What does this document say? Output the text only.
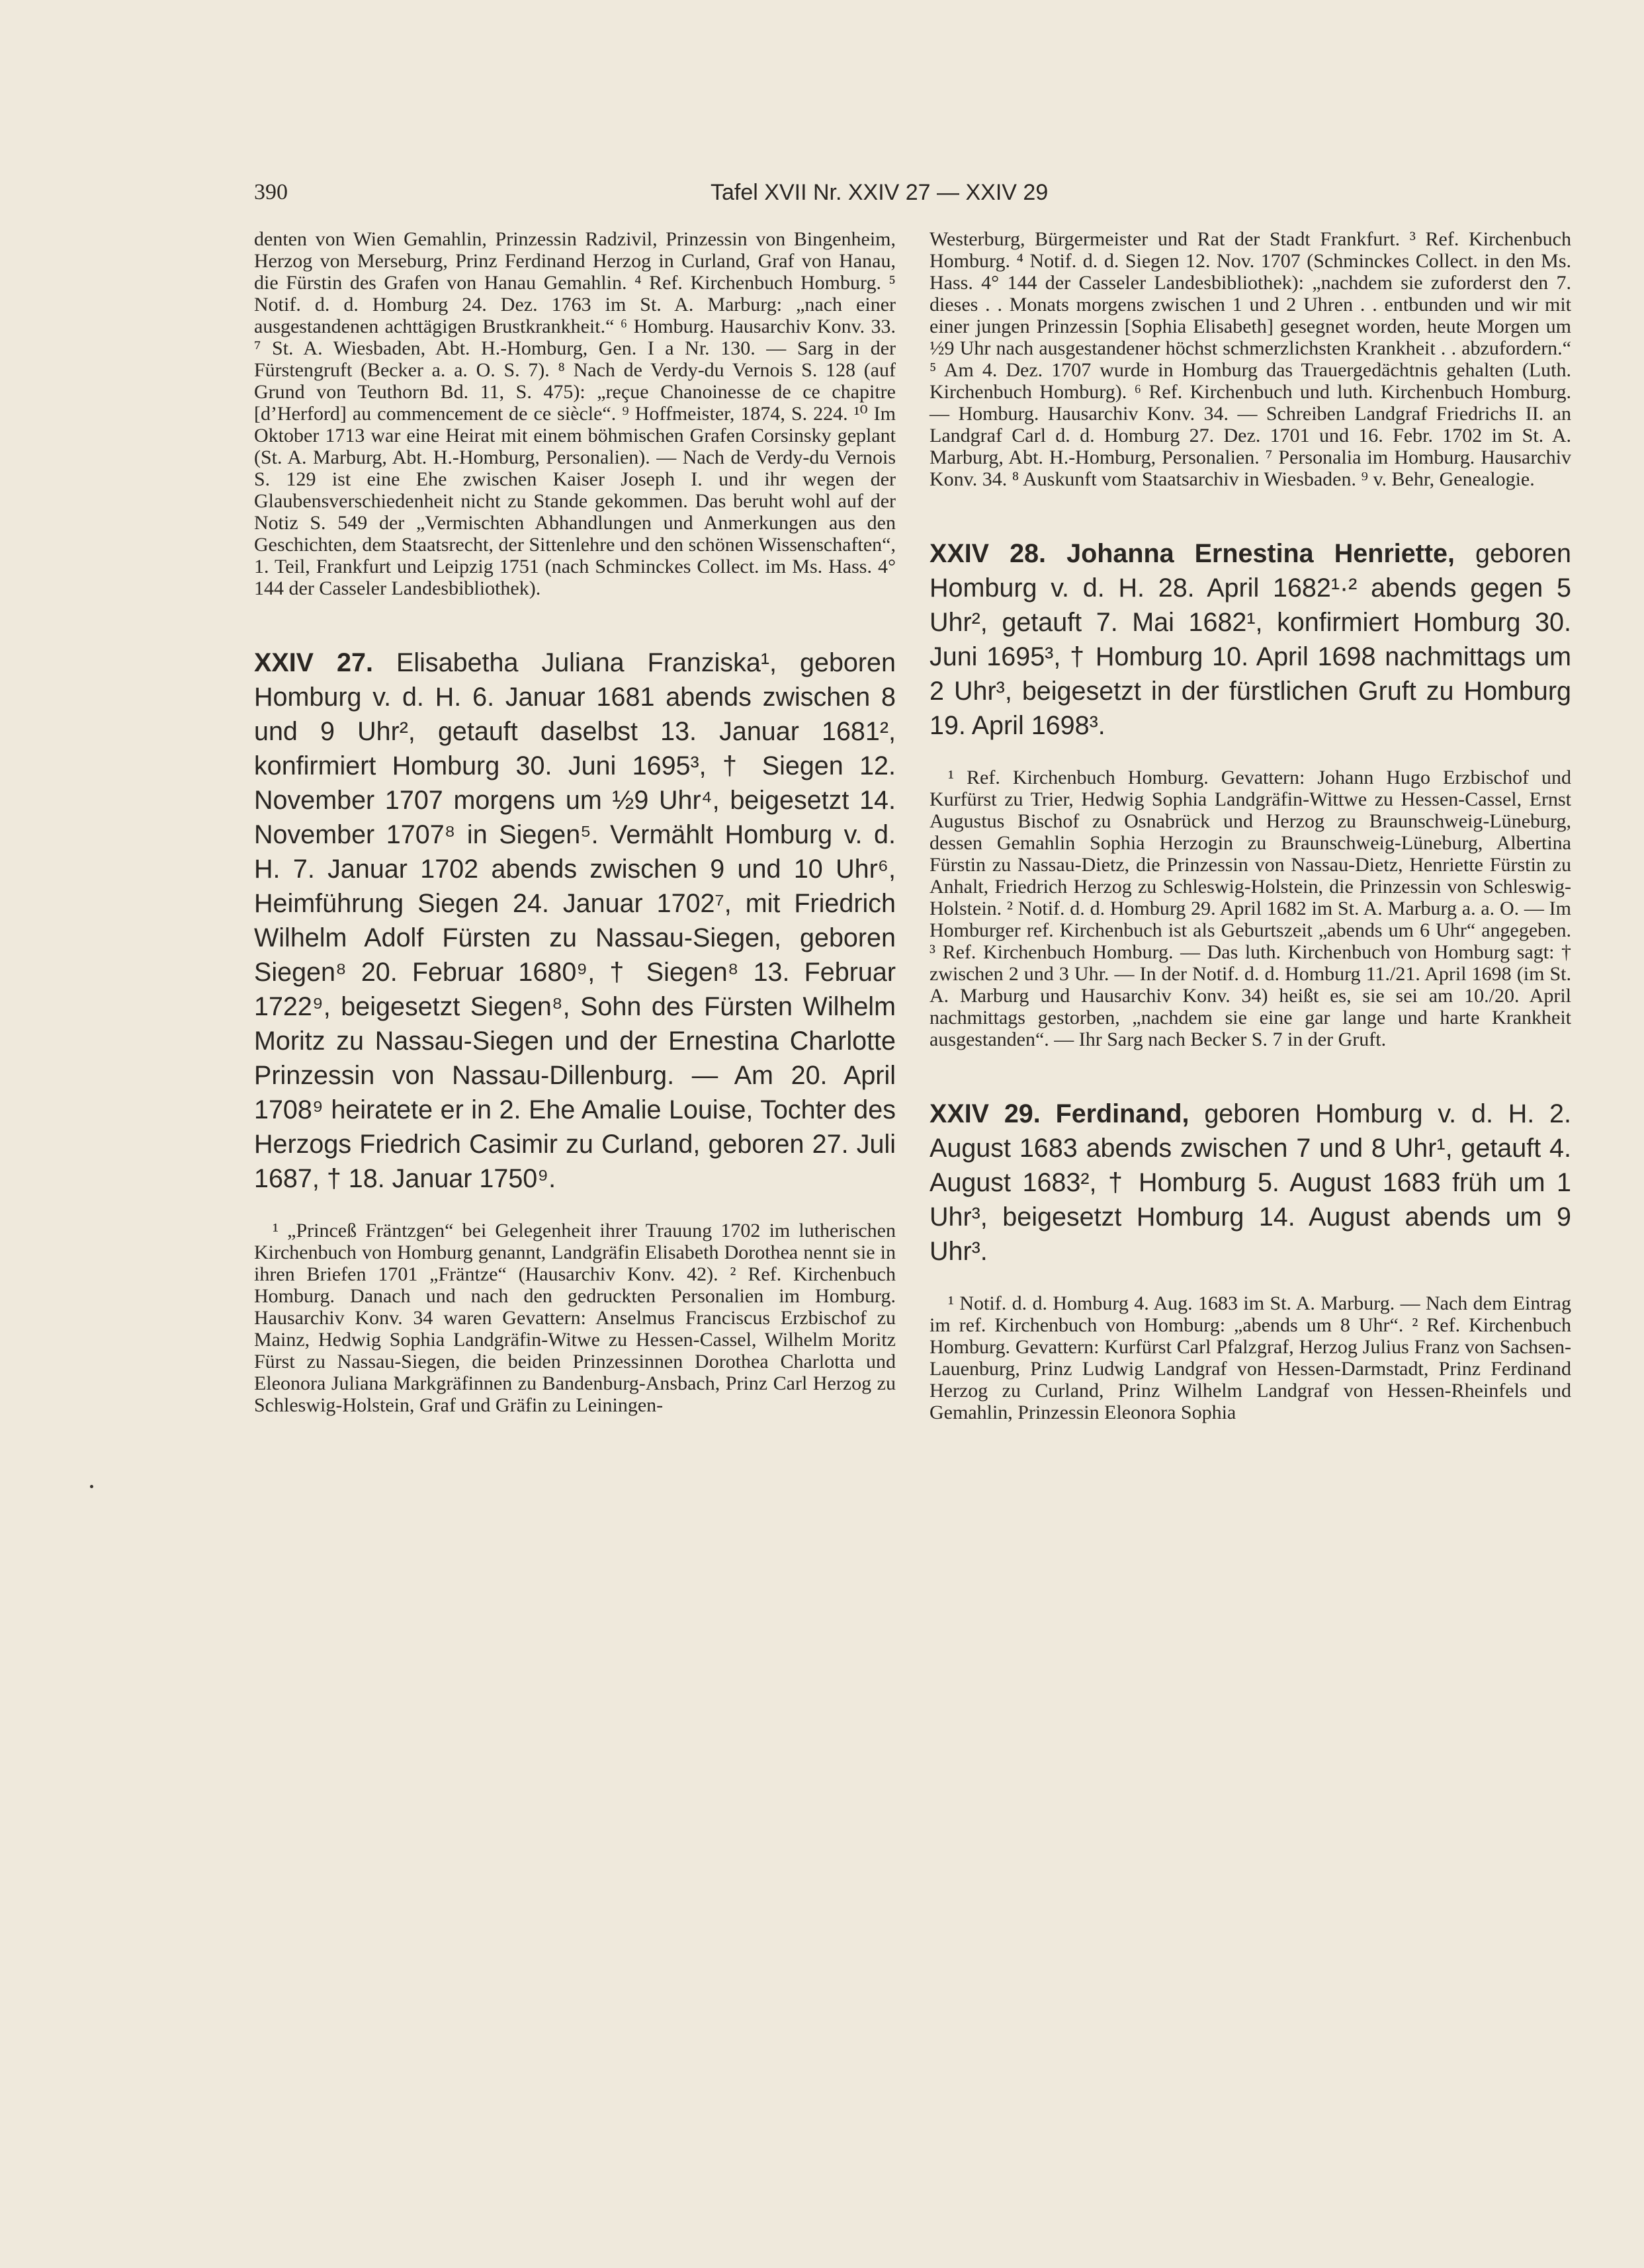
390	Tafel XVII Nr. XXIV 27 — XXIV 29

denten von Wien Gemahlin, Prinzessin Radzivil, Prinzessin von Bingenheim, Herzog von Merseburg, Prinz Ferdinand Herzog in Curland, Graf von Hanau, die Fürstin des Grafen von Hanau Gemahlin. ⁴ Ref. Kirchenbuch Homburg. ⁵ Notif. d. d. Homburg 24. Dez. 1763 im St. A. Marburg: „nach einer ausgestandenen achttägigen Brustkrankheit.“ ⁶ Homburg. Hausarchiv Konv. 33. ⁷ St. A. Wiesbaden, Abt. H.-Homburg, Gen. I a Nr. 130. — Sarg in der Fürstengruft (Becker a. a. O. S. 7). ⁸ Nach de Verdy-du Vernois S. 128 (auf Grund von Teuthorn Bd. 11, S. 475): „reçue Chanoinesse de ce chapitre [d’Herford] au commencement de ce siècle“. ⁹ Hoffmeister, 1874, S. 224. ¹⁰ Im Oktober 1713 war eine Heirat mit einem böhmischen Grafen Corsinsky geplant (St. A. Marburg, Abt. H.-Homburg, Personalien). — Nach de Verdy-du Vernois S. 129 ist eine Ehe zwischen Kaiser Joseph I. und ihr wegen der Glaubensverschiedenheit nicht zu Stande gekommen. Das beruht wohl auf der Notiz S. 549 der „Vermischten Abhandlungen und Anmerkungen aus den Geschichten, dem Staatsrecht, der Sittenlehre und den schönen Wissenschaften“, 1. Teil, Frankfurt und Leipzig 1751 (nach Schminckes Collect. im Ms. Hass. 4° 144 der Casseler Landesbibliothek).

XXIV 27. Elisabetha Juliana Franziska¹, geboren Homburg v. d. H. 6. Januar 1681 abends zwischen 8 und 9 Uhr², getauft daselbst 13. Januar 1681², konfirmiert Homburg 30. Juni 1695³, † Siegen 12. November 1707 morgens um ½9 Uhr⁴, beigesetzt 14. November 1707⁸ in Siegen⁵. Vermählt Homburg v. d. H. 7. Januar 1702 abends zwischen 9 und 10 Uhr⁶, Heimführung Siegen 24. Januar 1702⁷, mit Friedrich Wilhelm Adolf Fürsten zu Nassau-Siegen, geboren Siegen⁸ 20. Februar 1680⁹, † Siegen⁸ 13. Februar 1722⁹, beigesetzt Siegen⁸, Sohn des Fürsten Wilhelm Moritz zu Nassau-Siegen und der Ernestina Charlotte Prinzessin von Nassau-Dillenburg. — Am 20. April 1708⁹ heiratete er in 2. Ehe Amalie Louise, Tochter des Herzogs Friedrich Casimir zu Curland, geboren 27. Juli 1687, † 18. Januar 1750⁹.

¹ „Princeß Fräntzgen“ bei Gelegenheit ihrer Trauung 1702 im lutherischen Kirchenbuch von Homburg genannt, Landgräfin Elisabeth Dorothea nennt sie in ihren Briefen 1701 „Fräntze“ (Hausarchiv Konv. 42). ² Ref. Kirchenbuch Homburg. Danach und nach den gedruckten Personalien im Homburg. Hausarchiv Konv. 34 waren Gevattern: Anselmus Franciscus Erzbischof zu Mainz, Hedwig Sophia Landgräfin-Witwe zu Hessen-Cassel, Wilhelm Moritz Fürst zu Nassau-Siegen, die beiden Prinzessinnen Dorothea Charlotta und Eleonora Juliana Markgräfinnen zu Bandenburg-Ansbach, Prinz Carl Herzog zu Schleswig-Holstein, Graf und Gräfin zu Leiningen-

Westerburg, Bürgermeister und Rat der Stadt Frankfurt. ³ Ref. Kirchenbuch Homburg. ⁴ Notif. d. d. Siegen 12. Nov. 1707 (Schminckes Collect. in den Ms. Hass. 4° 144 der Casseler Landesbibliothek): „nachdem sie zuforderst den 7. dieses . . Monats morgens zwischen 1 und 2 Uhren . . entbunden und wir mit einer jungen Prinzessin [Sophia Elisabeth] gesegnet worden, heute Morgen um ½9 Uhr nach ausgestandener höchst schmerzlichsten Krankheit . . abzufordern.“ ⁵ Am 4. Dez. 1707 wurde in Homburg das Trauergedächtnis gehalten (Luth. Kirchenbuch Homburg). ⁶ Ref. Kirchenbuch und luth. Kirchenbuch Homburg. — Homburg. Hausarchiv Konv. 34. — Schreiben Landgraf Friedrichs II. an Landgraf Carl d. d. Homburg 27. Dez. 1701 und 16. Febr. 1702 im St. A. Marburg, Abt. H.-Homburg, Personalien. ⁷ Personalia im Homburg. Hausarchiv Konv. 34. ⁸ Auskunft vom Staatsarchiv in Wiesbaden. ⁹ v. Behr, Genealogie.

XXIV 28. Johanna Ernestina Henriette, geboren Homburg v. d. H. 28. April 1682¹·² abends gegen 5 Uhr², getauft 7. Mai 1682¹, konfirmiert Homburg 30. Juni 1695³, † Homburg 10. April 1698 nachmittags um 2 Uhr³, beigesetzt in der fürstlichen Gruft zu Homburg 19. April 1698³.

¹ Ref. Kirchenbuch Homburg. Gevattern: Johann Hugo Erzbischof und Kurfürst zu Trier, Hedwig Sophia Landgräfin-Wittwe zu Hessen-Cassel, Ernst Augustus Bischof zu Osnabrück und Herzog zu Braunschweig-Lüneburg, dessen Gemahlin Sophia Herzogin zu Braunschweig-Lüneburg, Albertina Fürstin zu Nassau-Dietz, die Prinzessin von Nassau-Dietz, Henriette Fürstin zu Anhalt, Friedrich Herzog zu Schleswig-Holstein, die Prinzessin von Schleswig-Holstein. ² Notif. d. d. Homburg 29. April 1682 im St. A. Marburg a. a. O. — Im Homburger ref. Kirchenbuch ist als Geburtszeit „abends um 6 Uhr“ angegeben. ³ Ref. Kirchenbuch Homburg. — Das luth. Kirchenbuch von Homburg sagt: † zwischen 2 und 3 Uhr. — In der Notif. d. d. Homburg 11./21. April 1698 (im St. A. Marburg und Hausarchiv Konv. 34) heißt es, sie sei am 10./20. April nachmittags gestorben, „nachdem sie eine gar lange und harte Krankheit ausgestanden“. — Ihr Sarg nach Becker S. 7 in der Gruft.

XXIV 29. Ferdinand, geboren Homburg v. d. H. 2. August 1683 abends zwischen 7 und 8 Uhr¹, getauft 4. August 1683², † Homburg 5. August 1683 früh um 1 Uhr³, beigesetzt Homburg 14. August abends um 9 Uhr³.

¹ Notif. d. d. Homburg 4. Aug. 1683 im St. A. Marburg. — Nach dem Eintrag im ref. Kirchenbuch von Homburg: „abends um 8 Uhr“. ² Ref. Kirchenbuch Homburg. Gevattern: Kurfürst Carl Pfalzgraf, Herzog Julius Franz von Sachsen-Lauenburg, Prinz Ludwig Landgraf von Hessen-Darmstadt, Prinz Ferdinand Herzog zu Curland, Prinz Wilhelm Landgraf von Hessen-Rheinfels und Gemahlin, Prinzessin Eleonora Sophia
